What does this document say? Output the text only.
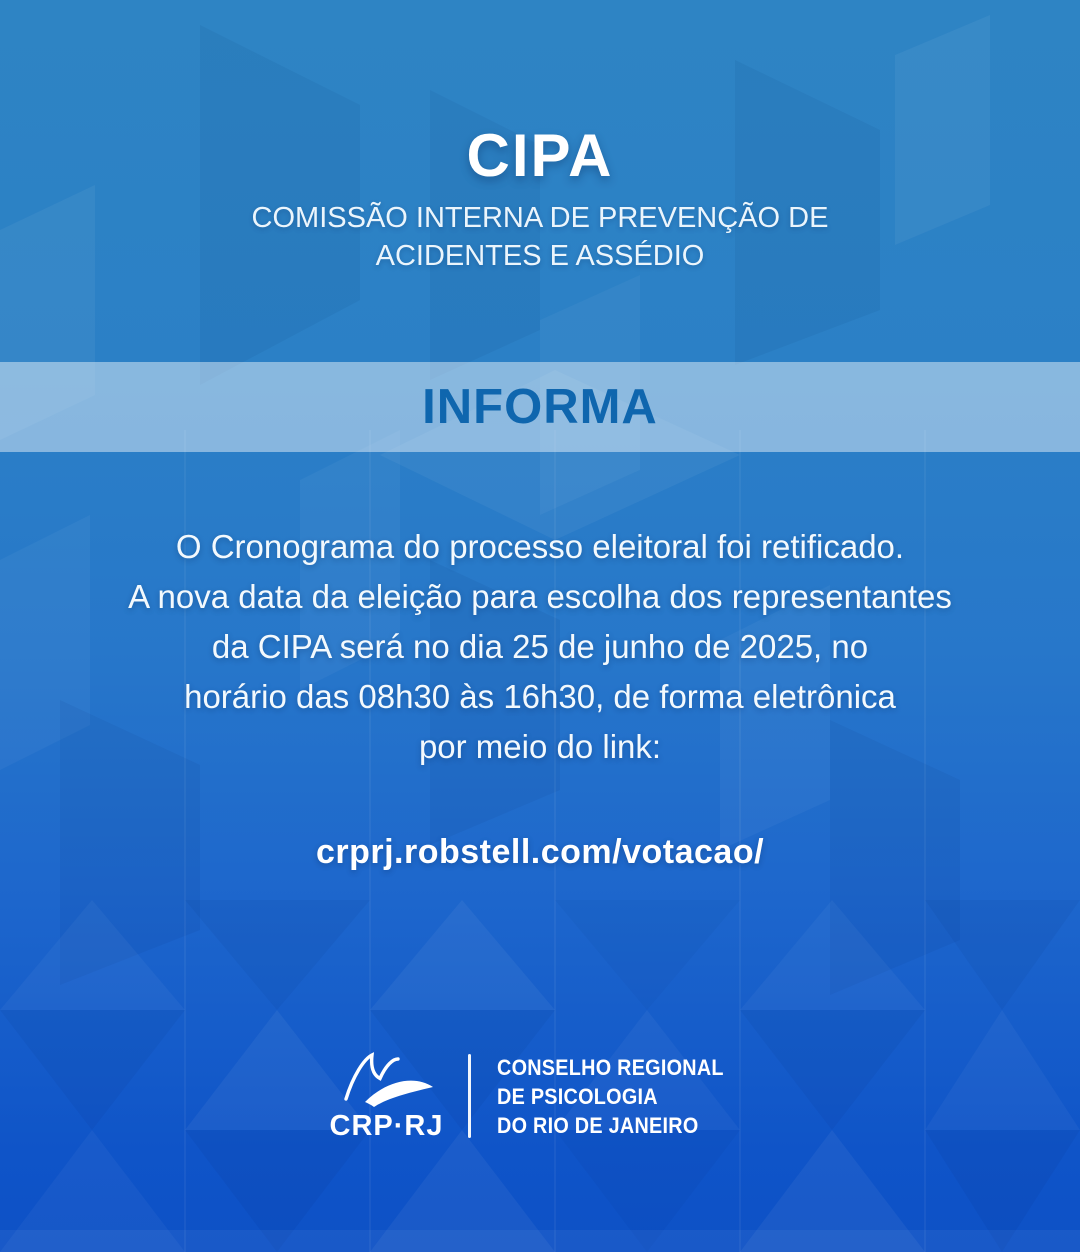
CIPA
COMISSÃO INTERNA DE PREVENÇÃO DE
ACIDENTES E ASSÉDIO
INFORMA
O Cronograma do processo eleitoral foi retificado.
A nova data da eleição para escolha dos representantes
da CIPA será no dia 25 de junho de 2025, no
horário das 08h30 às 16h30, de forma eletrônica
por meio do link:
crprj.robstell.com/votacao/
CRP·RJ
CONSELHO REGIONAL
DE PSICOLOGIA
DO RIO DE JANEIRO
